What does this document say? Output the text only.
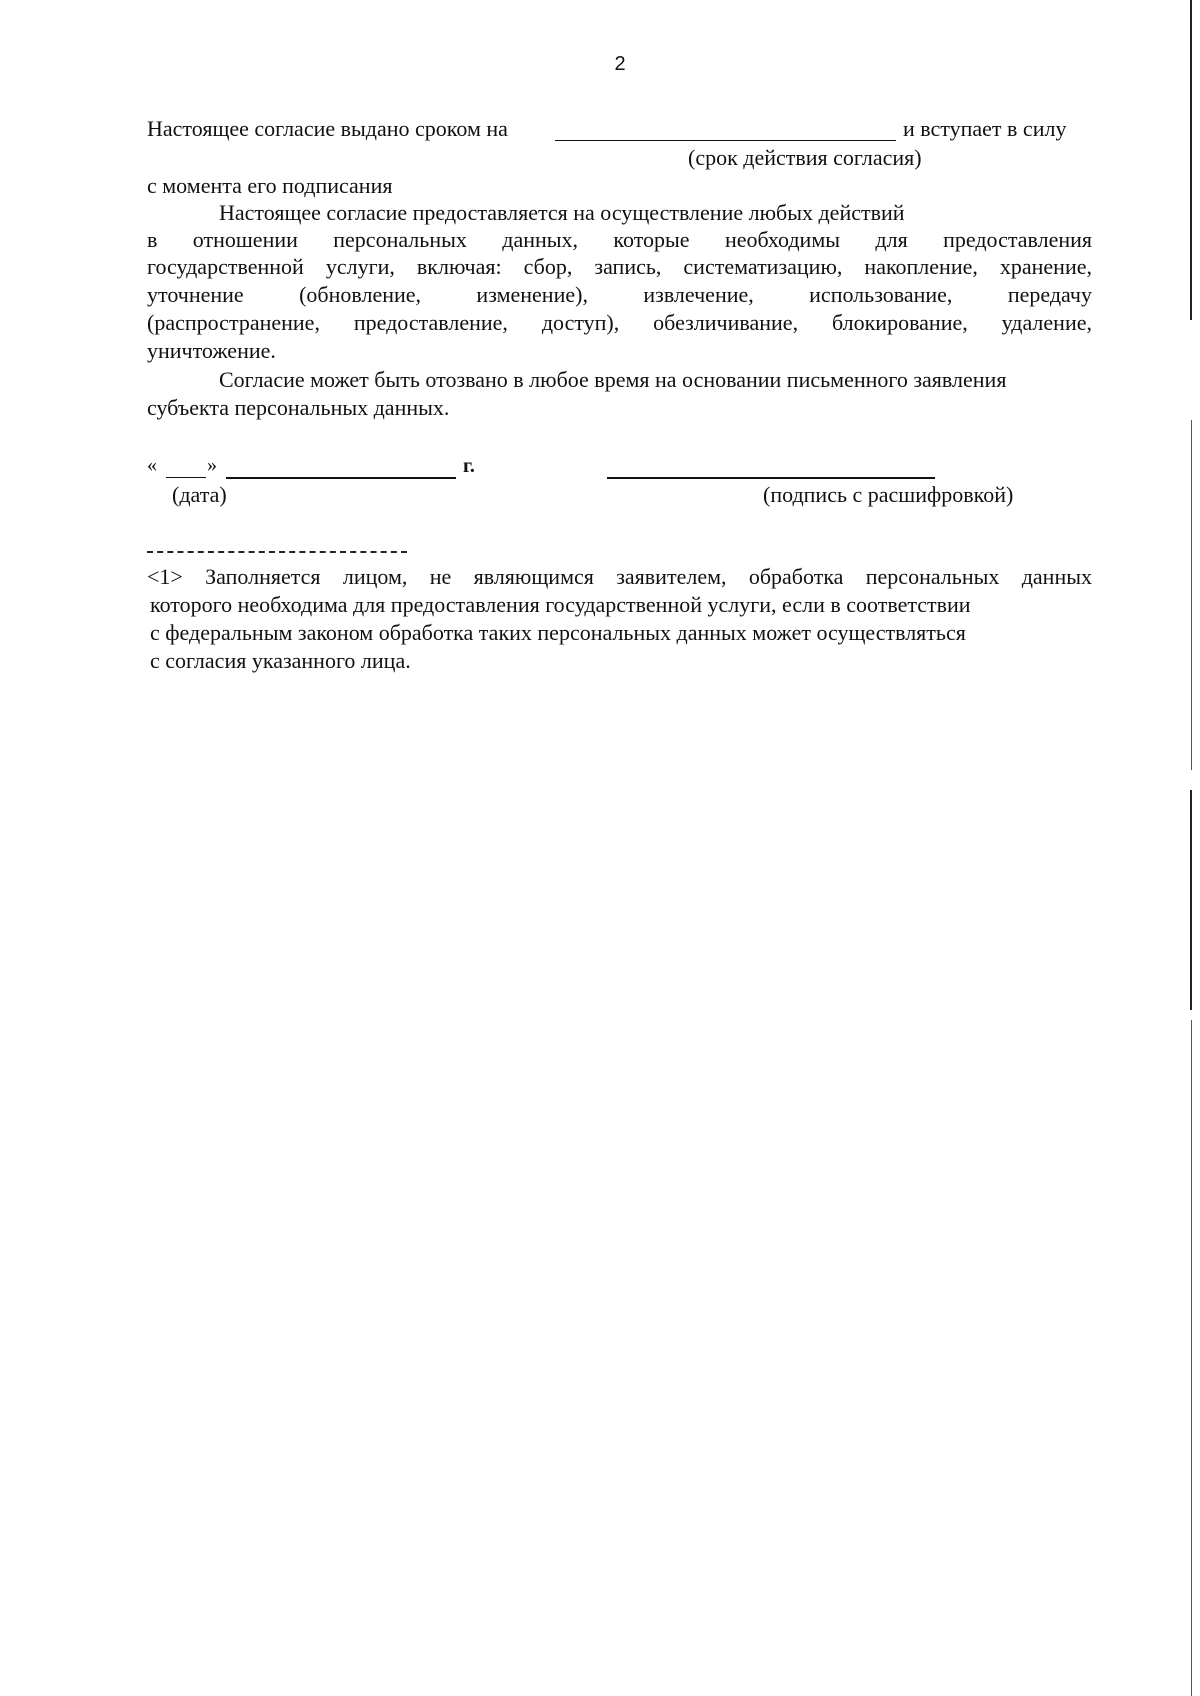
2
Настоящее согласие выдано сроком на	и вступает в силу
(срок действия согласия)
с момента его подписания
Настоящее согласие предоставляется на осуществление любых действий
в отношении персональных данных, которые необходимы для предоставления
государственной услуги, включая: сбор, запись, систематизацию, накопление, хранение,
уточнение (обновление, изменение), извлечение, использование, передачу
(распространение, предоставление, доступ), обезличивание, блокирование, удаление,
уничтожение.
Согласие может быть отозвано в любое время на основании письменного заявления
субъекта персональных данных.
«	»	г.
(дата)	(подпись с расшифровкой)
<1> Заполняется лицом, не являющимся заявителем, обработка персональных данных
которого необходима для предоставления государственной услуги, если в соответствии
с федеральным законом обработка таких персональных данных может осуществляться
с согласия указанного лица.
